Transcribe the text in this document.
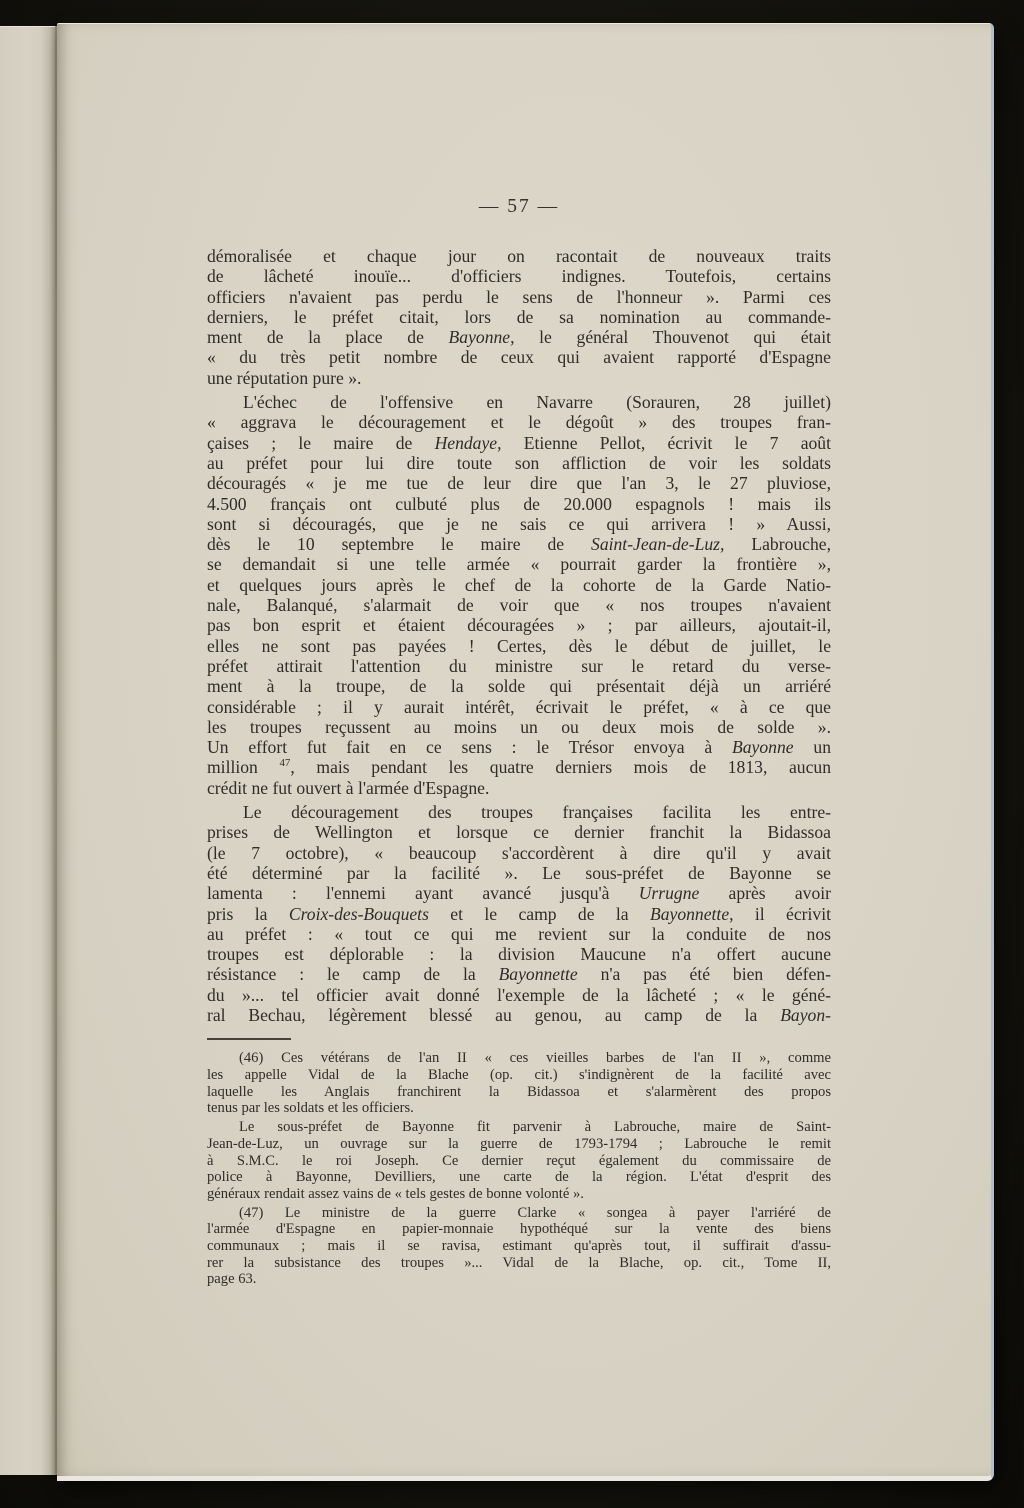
— 57 —
démoralisée et chaque jour on racontait de nouveaux traits
de lâcheté inouïe... d'officiers indignes. Toutefois, certains
officiers n'avaient pas perdu le sens de l'honneur ». Parmi ces
derniers, le préfet citait, lors de sa nomination au commande-
ment de la place de Bayonne, le général Thouvenot qui était
« du très petit nombre de ceux qui avaient rapporté d'Espagne
une réputation pure ».
L'échec de l'offensive en Navarre (Sorauren, 28 juillet)
« aggrava le découragement et le dégoût » des troupes fran-
çaises ; le maire de Hendaye, Etienne Pellot, écrivit le 7 août
au préfet pour lui dire toute son affliction de voir les soldats
découragés « je me tue de leur dire que l'an 3, le 27 pluviose,
4.500 français ont culbuté plus de 20.000 espagnols ! mais ils
sont si découragés, que je ne sais ce qui arrivera ! » Aussi,
dès le 10 septembre le maire de Saint-Jean-de-Luz, Labrouche,
se demandait si une telle armée « pourrait garder la frontière »,
et quelques jours après le chef de la cohorte de la Garde Natio-
nale, Balanqué, s'alarmait de voir que « nos troupes n'avaient
pas bon esprit et étaient découragées » ; par ailleurs, ajoutait-il,
elles ne sont pas payées ! Certes, dès le début de juillet, le
préfet attirait l'attention du ministre sur le retard du verse-
ment à la troupe, de la solde qui présentait déjà un arriéré
considérable ; il y aurait intérêt, écrivait le préfet, « à ce que
les troupes reçussent au moins un ou deux mois de solde ».
Un effort fut fait en ce sens : le Trésor envoya à Bayonne un
million $^{47}$, mais pendant les quatre derniers mois de 1813, aucun
crédit ne fut ouvert à l'armée d'Espagne.
Le découragement des troupes françaises facilita les entre-
prises de Wellington et lorsque ce dernier franchit la Bidassoa
(le 7 octobre), « beaucoup s'accordèrent à dire qu'il y avait
été déterminé par la facilité ». Le sous-préfet de Bayonne se
lamenta : l'ennemi ayant avancé jusqu'à Urrugne après avoir
pris la Croix-des-Bouquets et le camp de la Bayonnette, il écrivit
au préfet : « tout ce qui me revient sur la conduite de nos
troupes est déplorable : la division Maucune n'a offert aucune
résistance : le camp de la Bayonnette n'a pas été bien défen-
du »... tel officier avait donné l'exemple de la lâcheté ; « le géné-
ral Bechau, légèrement blessé au genou, au camp de la Bayon-
(46) Ces vétérans de l'an II « ces vieilles barbes de l'an II », comme
les appelle Vidal de la Blache (op. cit.) s'indignèrent de la facilité avec
laquelle les Anglais franchirent la Bidassoa et s'alarmèrent des propos
tenus par les soldats et les officiers.
Le sous-préfet de Bayonne fit parvenir à Labrouche, maire de Saint-
Jean-de-Luz, un ouvrage sur la guerre de 1793-1794 ; Labrouche le remit
à S.M.C. le roi Joseph. Ce dernier reçut également du commissaire de
police à Bayonne, Devilliers, une carte de la région. L'état d'esprit des
généraux rendait assez vains de « tels gestes de bonne volonté ».
(47) Le ministre de la guerre Clarke « songea à payer l'arriéré de
l'armée d'Espagne en papier-monnaie hypothéqué sur la vente des biens
communaux ; mais il se ravisa, estimant qu'après tout, il suffirait d'assu-
rer la subsistance des troupes »... Vidal de la Blache, op. cit., Tome II,
page 63.
